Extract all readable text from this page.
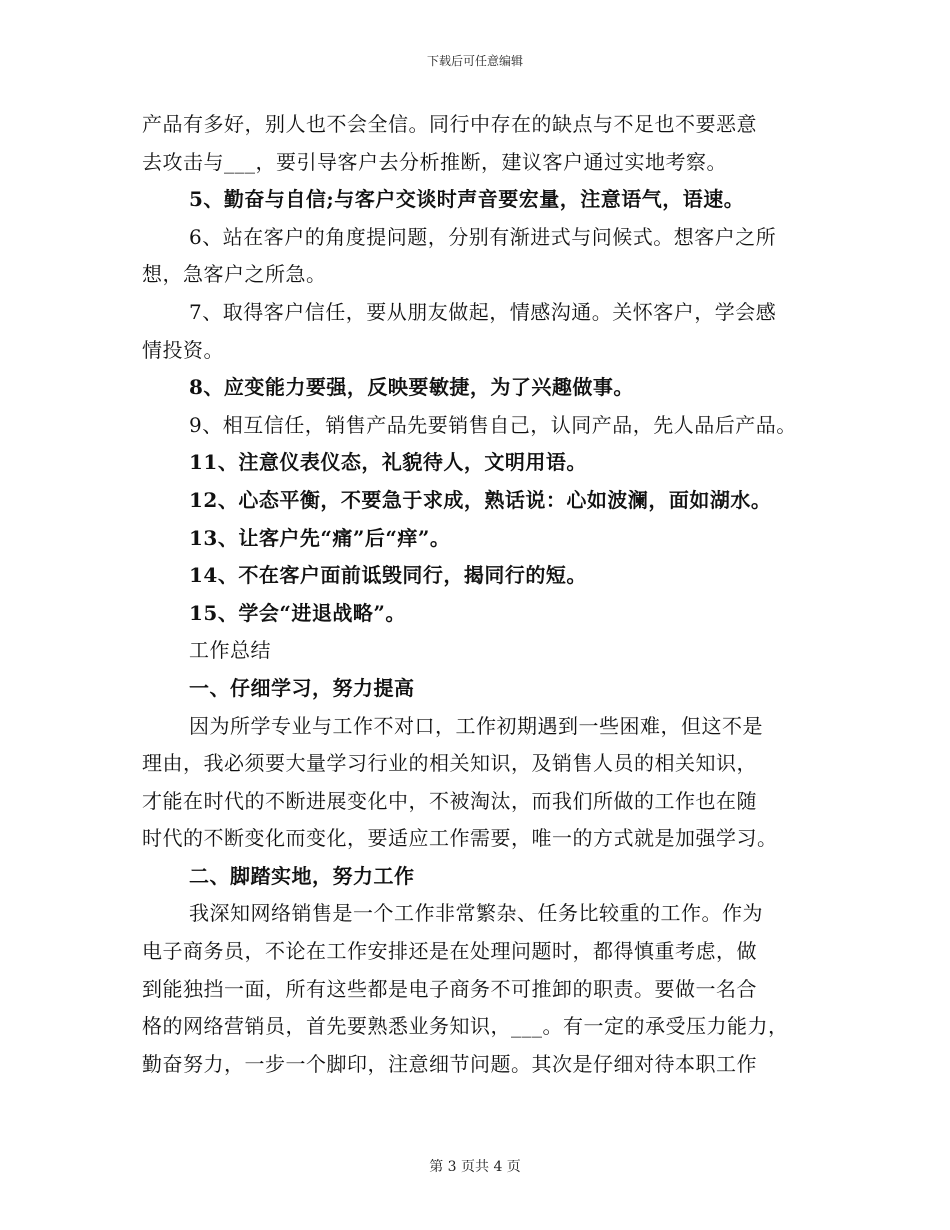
下载后可任意编辑
产品有多好，别人也不会全信。同行中存在的缺点与不足也不要恶意
去攻击与___，要引导客户去分析推断，建议客户通过实地考察。
5、勤奋与自信;与客户交谈时声音要宏量，注意语气，语速。
6、站在客户的角度提问题，分别有渐进式与问候式。想客户之所
想，急客户之所急。
7、取得客户信任，要从朋友做起，情感沟通。关怀客户，学会感
情投资。
8、应变能力要强，反映要敏捷，为了兴趣做事。
9、相互信任，销售产品先要销售自己，认同产品，先人品后产品。
11、注意仪表仪态，礼貌待人，文明用语。
12、心态平衡，不要急于求成，熟话说：心如波澜，面如湖水。
13、让客户先“痛”后“痒”。
14、不在客户面前诋毁同行，揭同行的短。
15、学会“进退战略”。
工作总结
一、仔细学习，努力提高
因为所学专业与工作不对口，工作初期遇到一些困难，但这不是
理由，我必须要大量学习行业的相关知识，及销售人员的相关知识，
才能在时代的不断进展变化中，不被淘汰，而我们所做的工作也在随
时代的不断变化而变化，要适应工作需要，唯一的方式就是加强学习。
二、脚踏实地，努力工作
我深知网络销售是一个工作非常繁杂、任务比较重的工作。作为
电子商务员，不论在工作安排还是在处理问题时，都得慎重考虑，做
到能独挡一面，所有这些都是电子商务不可推卸的职责。要做一名合
格的网络营销员，首先要熟悉业务知识，___。有一定的承受压力能力，
勤奋努力，一步一个脚印，注意细节问题。其次是仔细对待本职工作
第 3 页共 4 页
